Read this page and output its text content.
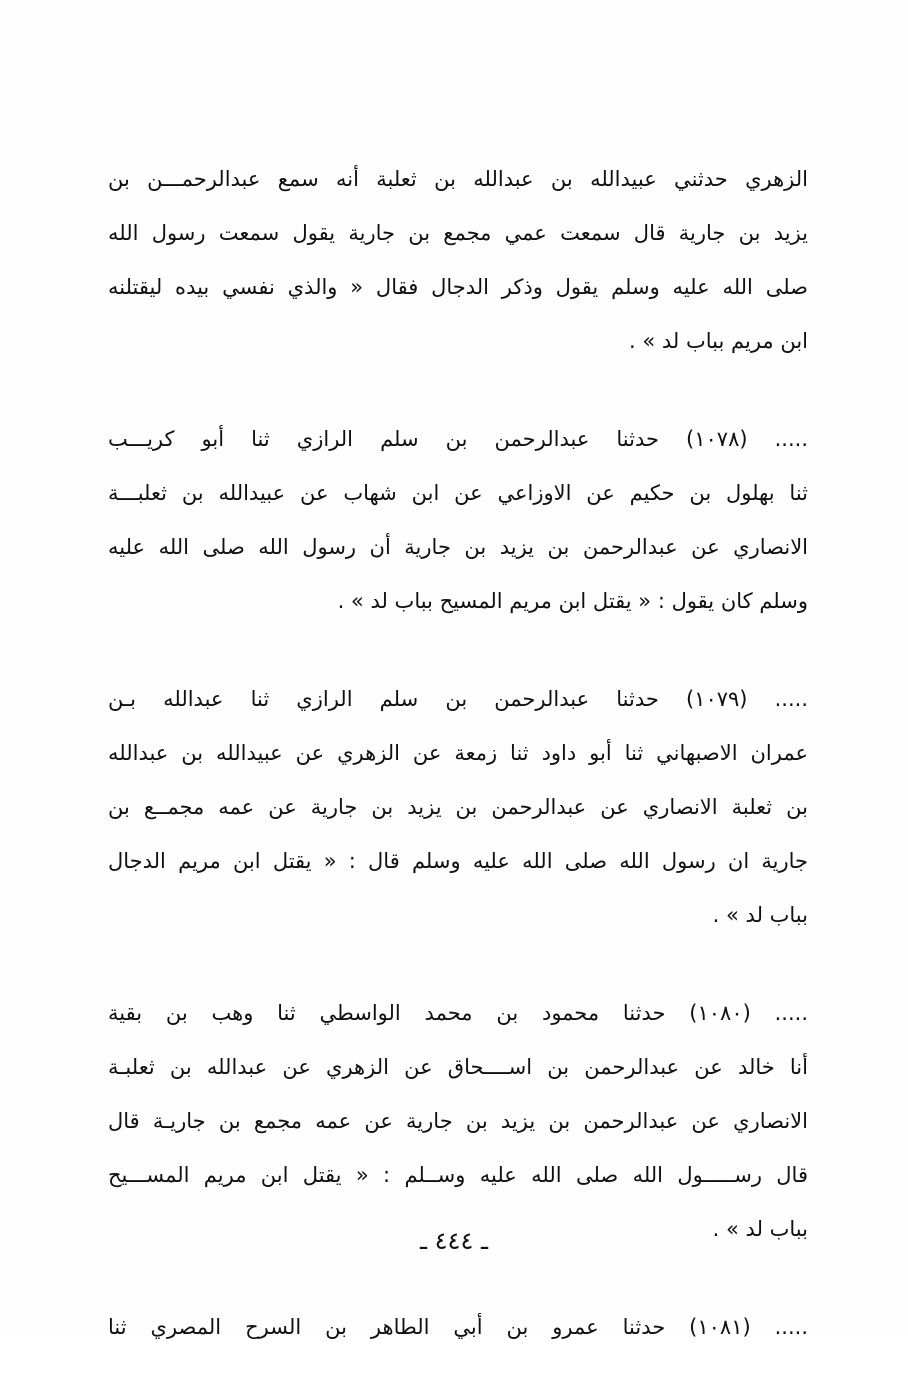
الزهري حدثني عبيدالله بن عبدالله بن ثعلبة أنه سمع عبدالرحمـــن بن
يزيد بن جارية قال سمعت عمي مجمع بن جارية يقول سمعت رسول الله
صلى الله عليه وسلم يقول وذكر الدجال فقال « والذي نفسي بيده ليقتلنه
ابن مريم بباب لد » .
..... (١٠٧٨) حدثنا عبدالرحمن بن سلم الرازي ثنا أبو كريـــب
ثنا بهلول بن حكيم عن الاوزاعي عن ابن شهاب عن عبيدالله بن ثعلبـــة
الانصاري عن عبدالرحمن بن يزيد بن جارية أن رسول الله صلى الله عليه
وسلم كان يقول : « يقتل ابن مريم المسيح بباب لد » .
..... (١٠٧٩) حدثنا عبدالرحمن بن سلم الرازي ثنا عبدالله بـن
عمران الاصبهاني ثنا أبو داود ثنا زمعة عن الزهري عن عبيدالله بن عبدالله
بن ثعلبة الانصاري عن عبدالرحمن بن يزيد بن جارية عن عمه مجمــع بن
جارية ان رسول الله صلى الله عليه وسلم قال : « يقتل ابن مريم الدجال
بباب لد » .
..... (١٠٨٠) حدثنا محمود بن محمد الواسطي ثنا وهب بن بقية
أنا خالد عن عبدالرحمن بن اســــحاق عن الزهري عن عبدالله بن ثعلبـة
الانصاري عن عبدالرحمن بن يزيد بن جارية عن عمه مجمع بن جاريـة قال
قال رســـــول الله صلى الله عليه وســلم : « يقتل ابن مريم المســـيح
بباب لد » .
..... (١٠٨١) حدثنا عمرو بن أبي الطاهر بن السرح المصري ثنا
ـ ٤٤٤ ـ
